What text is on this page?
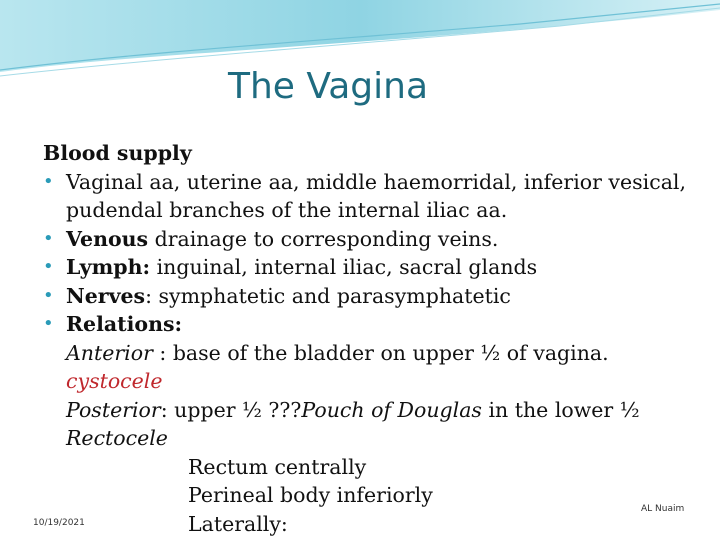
The Vagina
Blood supply
• Vaginal aa, uterine aa, middle haemorridal, inferior vesical, pudendal branches of the internal iliac aa.
• Venous drainage to corresponding veins.
• Lymph: inguinal, internal iliac, sacral glands
• Nerves: symphatetic and parasymphatetic
• Relations:
Anterior : base of the bladder on upper ½ of vagina.
cystocele
Posterior: upper ½ ???Pouch of Douglas in the lower ½
Rectocele
Rectum centrally
Perineal body inferiorly
Laterally:
10/19/2021
AL Nuaim
